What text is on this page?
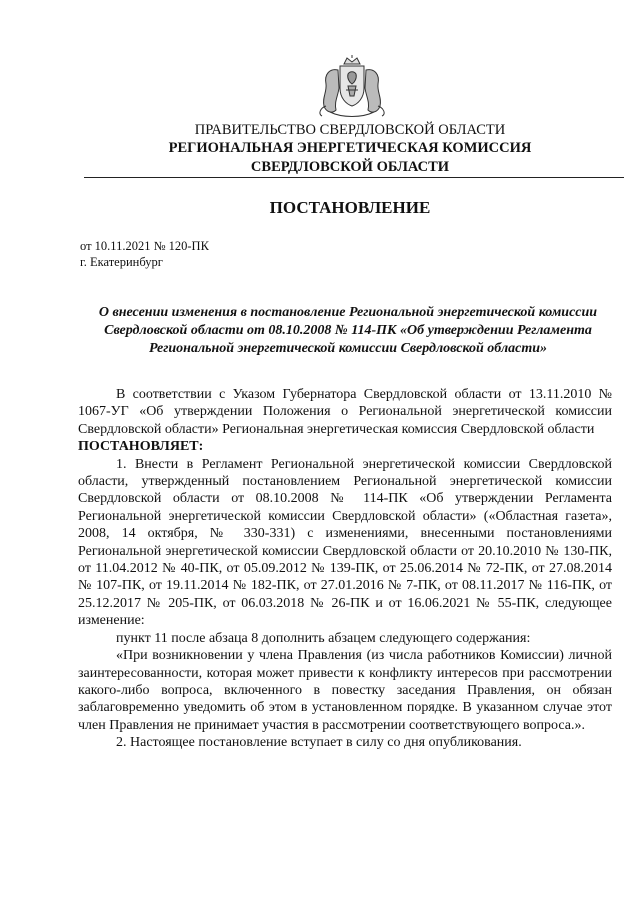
ПРАВИТЕЛЬСТВО СВЕРДЛОВСКОЙ ОБЛАСТИ
РЕГИОНАЛЬНАЯ ЭНЕРГЕТИЧЕСКАЯ КОМИССИЯ
СВЕРДЛОВСКОЙ ОБЛАСТИ
ПОСТАНОВЛЕНИЕ
от 10.11.2021 № 120-ПК
г. Екатеринбург
О внесении изменения в постановление Региональной энергетической комиссии Свердловской области от 08.10.2008 № 114-ПК «Об утверждении Регламента Региональной энергетической комиссии Свердловской области»

В соответствии с Указом Губернатора Свердловской области от 13.11.2010 № 1067-УГ «Об утверждении Положения о Региональной энергетической комиссии Свердловской области» Региональная энергетическая комиссия Свердловской области

ПОСТАНОВЛЯЕТ:

1. Внести в Регламент Региональной энергетической комиссии Свердловской области, утвержденный постановлением Региональной энергетической комиссии Свердловской области от 08.10.2008 № 114-ПК «Об утверждении Регламента Региональной энергетической комиссии Свердловской области» («Областная газета», 2008, 14 октября, № 330-331) с изменениями, внесенными постановлениями Региональной энергетической комиссии Свердловской области от 20.10.2010 № 130-ПК, от 11.04.2012 № 40-ПК, от 05.09.2012 № 139-ПК, от 25.06.2014 № 72-ПК, от 27.08.2014 № 107-ПК, от 19.11.2014 № 182-ПК, от 27.01.2016 № 7-ПК, от 08.11.2017 № 116-ПК, от 25.12.2017 № 205-ПК, от 06.03.2018 № 26-ПК и от 16.06.2021 № 55-ПК, следующее изменение:

пункт 11 после абзаца 8 дополнить абзацем следующего содержания:

«При возникновении у члена Правления (из числа работников Комиссии) личной заинтересованности, которая может привести к конфликту интересов при рассмотрении какого-либо вопроса, включенного в повестку заседания Правления, он обязан заблаговременно уведомить об этом в установленном порядке. В указанном случае этот член Правления не принимает участия в рассмотрении соответствующего вопроса.».

2. Настоящее постановление вступает в силу со дня опубликования.
